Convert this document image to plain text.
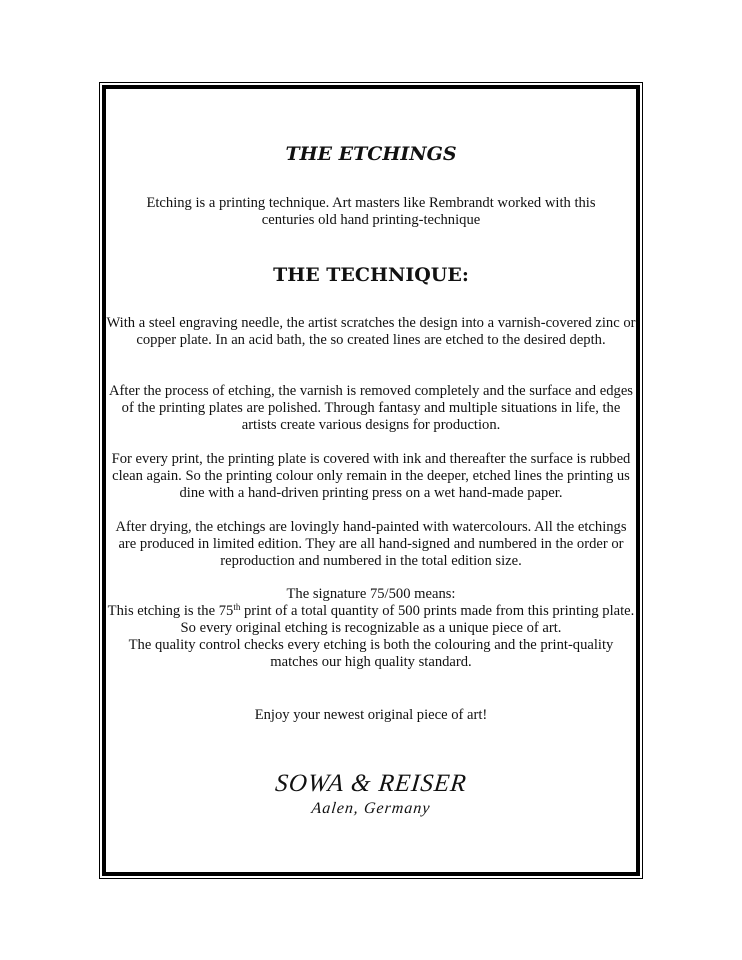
THE ETCHINGS

Etching is a printing technique. Art masters like Rembrandt worked with this
centuries old hand printing-technique

THE TECHNIQUE:

With a steel engraving needle, the artist scratches the design into a varnish-covered zinc or copper plate. In an acid bath, the so created lines are etched to the desired depth.

After the process of etching, the varnish is removed completely and the surface and edges of the printing plates are polished. Through fantasy and multiple situations in life, the artists create various designs for production.

For every print, the printing plate is covered with ink and thereafter the surface is rubbed clean again. So the printing colour only remain in the deeper, etched lines the printing us dine with a hand-driven printing press on a wet hand-made paper.

After drying, the etchings are lovingly hand-painted with watercolours. All the etchings are produced in limited edition. They are all hand-signed and numbered in the order or reproduction and numbered in the total edition size.

The signature 75/500 means:
This etching is the 75th print of a total quantity of 500 prints made from this printing plate. So every original etching is recognizable as a unique piece of art.
The quality control checks every etching is both the colouring and the print-quality matches our high quality standard.

Enjoy your newest original piece of art!

SOWA & REISER

Aalen, Germany
